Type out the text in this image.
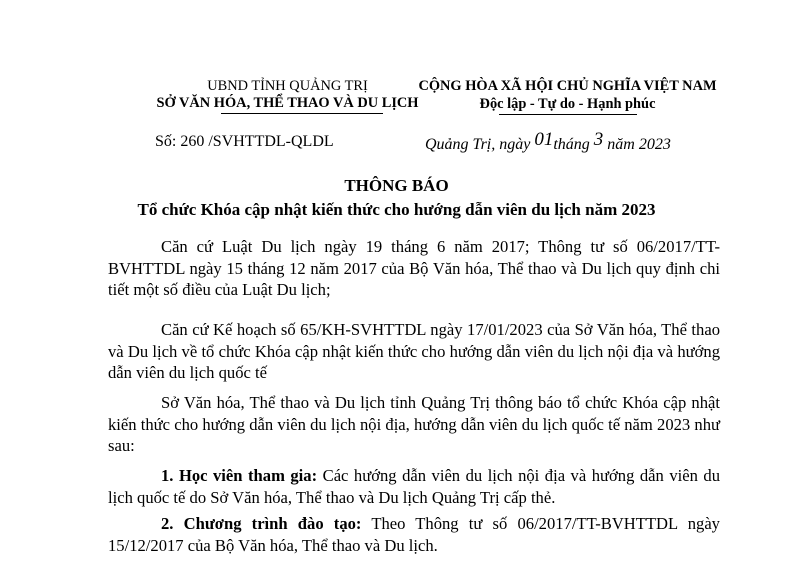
UBND TỈNH QUẢNG TRỊ
SỞ VĂN HÓA, THỂ THAO VÀ DU LỊCH
CỘNG HÒA XÃ HỘI CHỦ NGHĨA VIỆT NAM
Độc lập - Tự do - Hạnh phúc
Số: 260 /SVHTTDL-QLDL	Quảng Trị, ngày 01tháng 3 năm 2023
THÔNG BÁO
Tổ chức Khóa cập nhật kiến thức cho hướng dẫn viên du lịch năm 2023
Căn cứ Luật Du lịch ngày 19 tháng 6 năm 2017; Thông tư số 06/2017/TT-BVHTTDL ngày 15 tháng 12 năm 2017 của Bộ Văn hóa, Thể thao và Du lịch quy định chi tiết một số điều của Luật Du lịch;
Căn cứ Kế hoạch số 65/KH-SVHTTDL ngày 17/01/2023 của Sở Văn hóa, Thể thao và Du lịch về tổ chức Khóa cập nhật kiến thức cho hướng dẫn viên du lịch nội địa và hướng dẫn viên du lịch quốc tế
Sở Văn hóa, Thể thao và Du lịch tỉnh Quảng Trị thông báo tổ chức Khóa cập nhật kiến thức cho hướng dẫn viên du lịch nội địa, hướng dẫn viên du lịch quốc tế năm 2023 như sau:
1. Học viên tham gia: Các hướng dẫn viên du lịch nội địa và hướng dẫn viên du lịch quốc tế do Sở Văn hóa, Thể thao và Du lịch Quảng Trị cấp thẻ.
2. Chương trình đào tạo: Theo Thông tư số 06/2017/TT-BVHTTDL ngày 15/12/2017 của Bộ Văn hóa, Thể thao và Du lịch.
